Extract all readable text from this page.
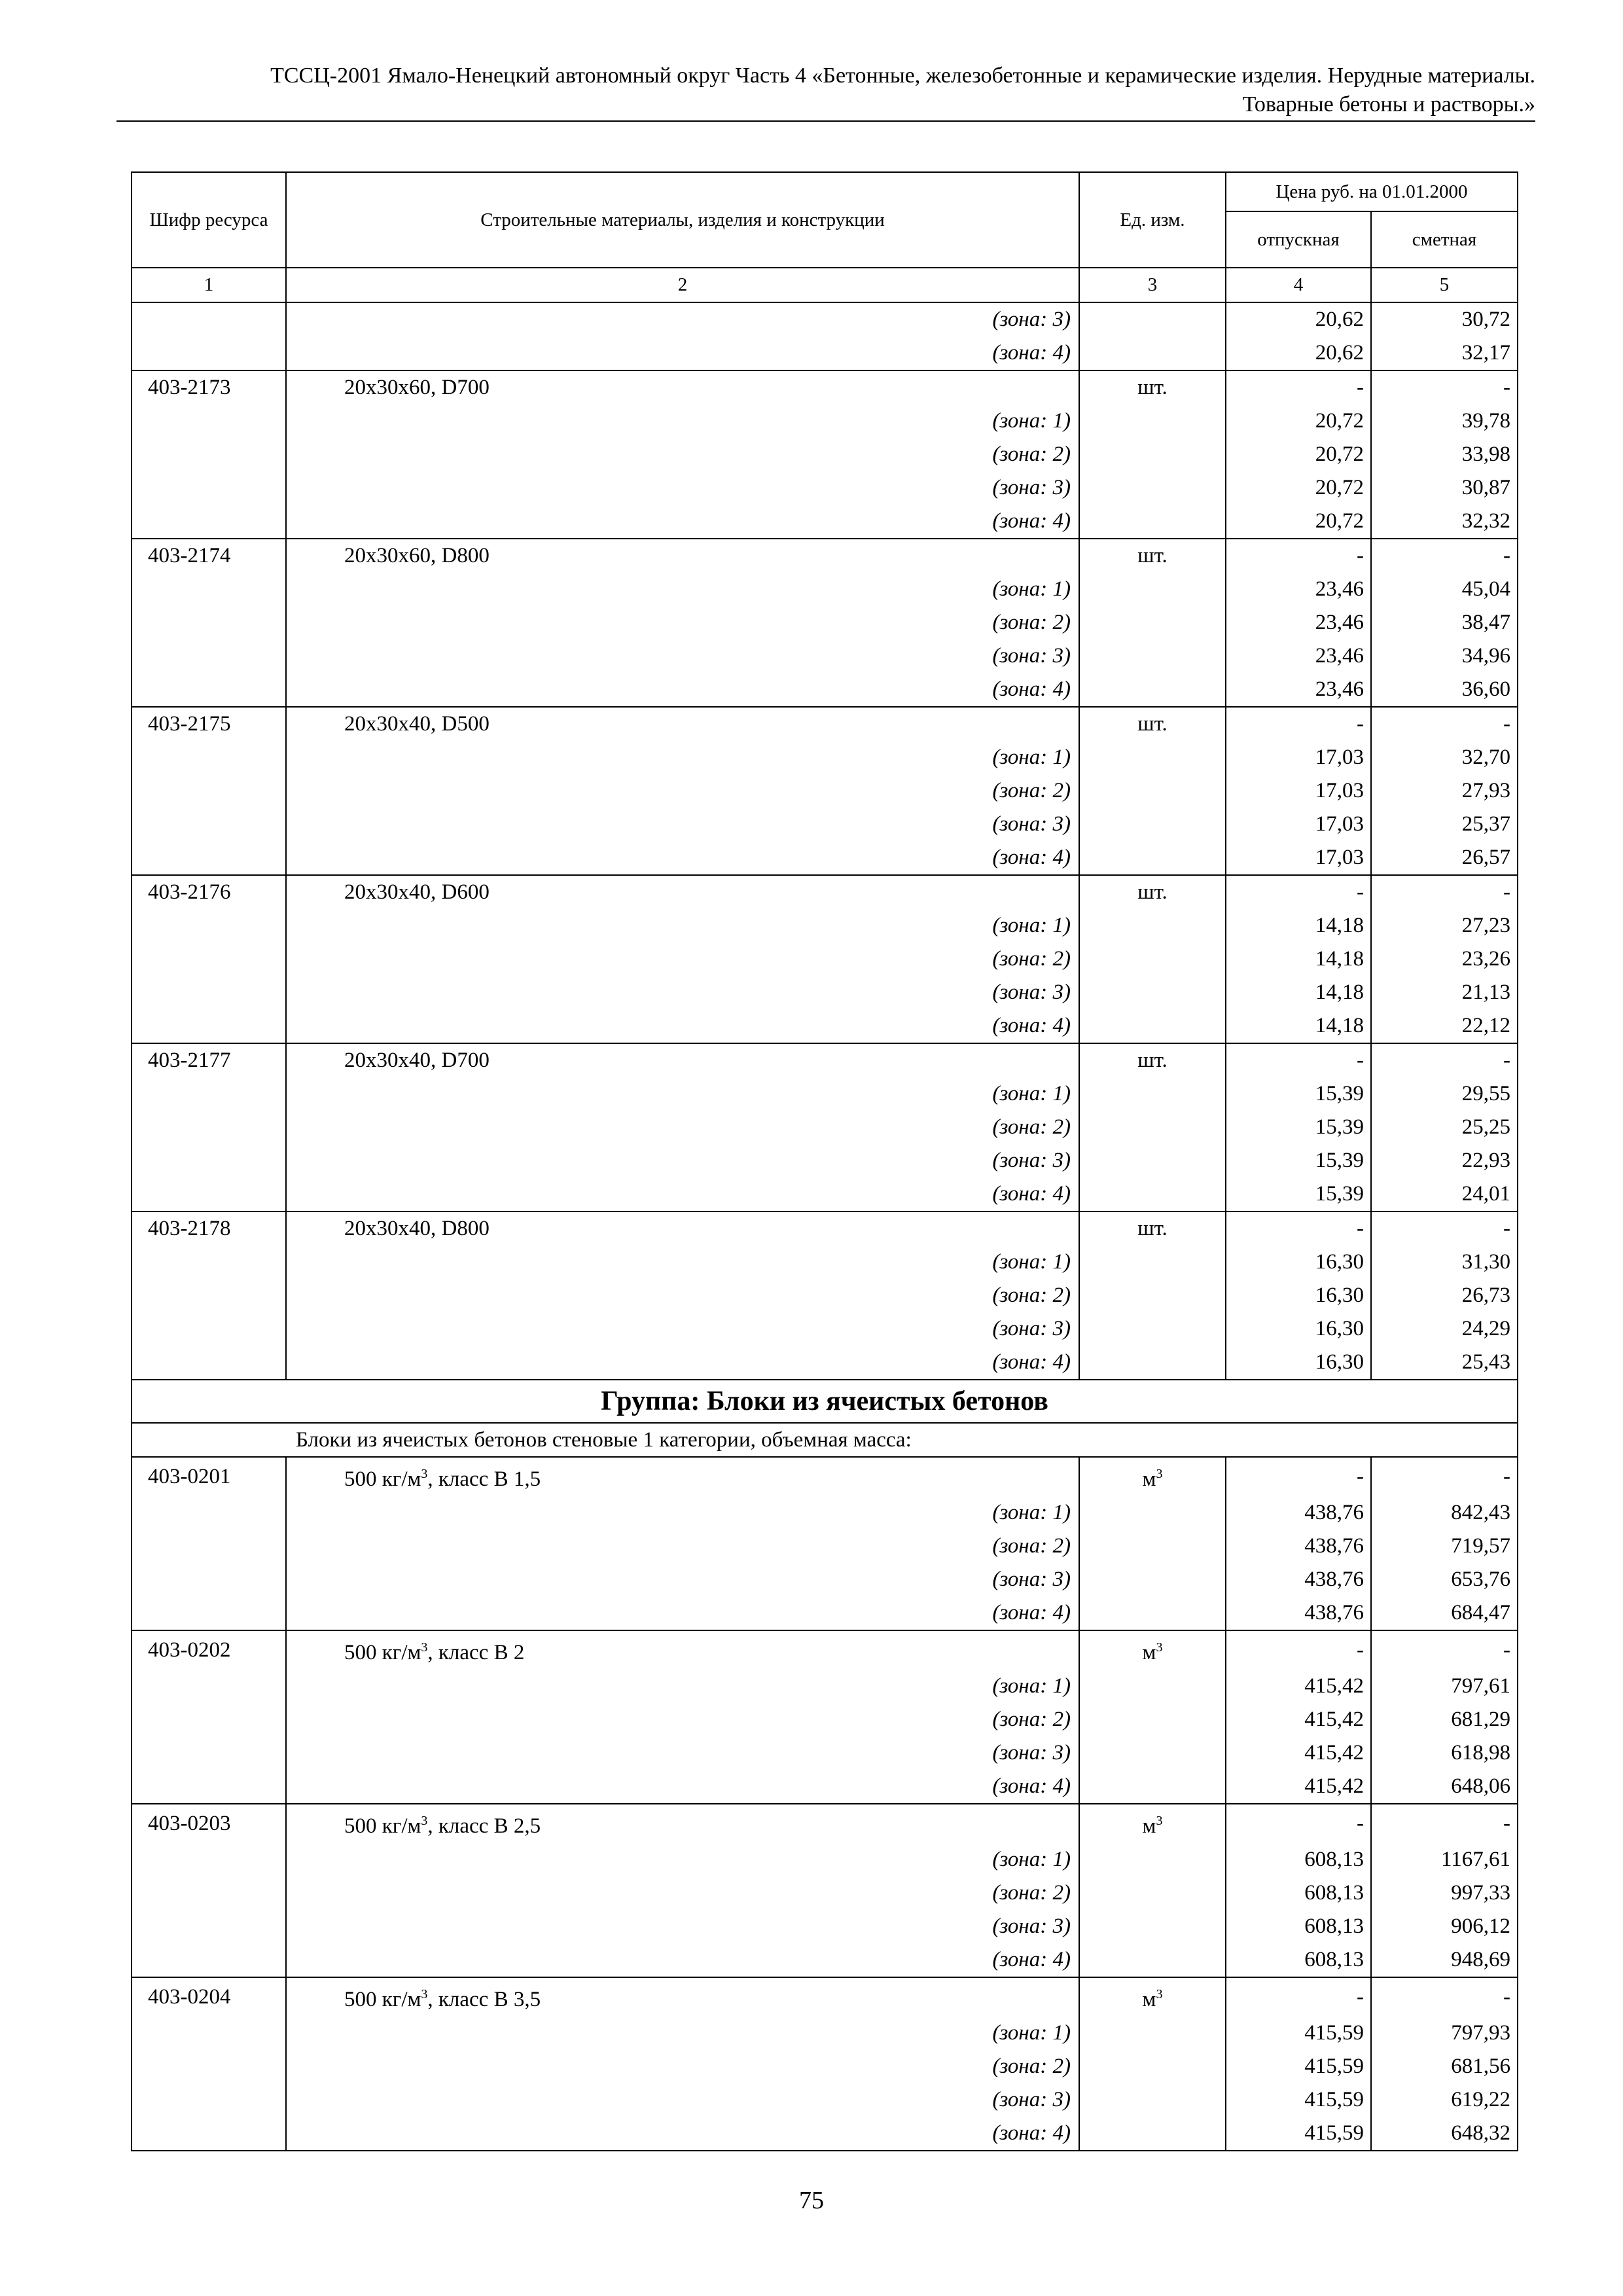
ТССЦ-2001 Ямало-Ненецкий автономный округ Часть 4 «Бетонные, железобетонные и керамические изделия. Нерудные материалы.
Товарные бетоны и растворы.»
Шифр ресурса	Строительные материалы, изделия и конструкции	Ед. изм.	Цена руб. на 01.01.2000	
			отпускная	сметная
1	2	3	4	5
	(зона: 3)		20,62	30,72
	(зона: 4)		20,62	32,17
403-2173	20х30х60, D700	шт.	-	-
	(зона: 1)		20,72	39,78
	(зона: 2)		20,72	33,98
	(зона: 3)		20,72	30,87
	(зона: 4)		20,72	32,32
403-2174	20х30х60, D800	шт.	-	-
	(зона: 1)		23,46	45,04
	(зона: 2)		23,46	38,47
	(зона: 3)		23,46	34,96
	(зона: 4)		23,46	36,60
403-2175	20х30х40, D500	шт.	-	-
	(зона: 1)		17,03	32,70
	(зона: 2)		17,03	27,93
	(зона: 3)		17,03	25,37
	(зона: 4)		17,03	26,57
403-2176	20х30х40, D600	шт.	-	-
	(зона: 1)		14,18	27,23
	(зона: 2)		14,18	23,26
	(зона: 3)		14,18	21,13
	(зона: 4)		14,18	22,12
403-2177	20х30х40, D700	шт.	-	-
	(зона: 1)		15,39	29,55
	(зона: 2)		15,39	25,25
	(зона: 3)		15,39	22,93
	(зона: 4)		15,39	24,01
403-2178	20х30х40, D800	шт.	-	-
	(зона: 1)		16,30	31,30
	(зона: 2)		16,30	26,73
	(зона: 3)		16,30	24,29
	(зона: 4)		16,30	25,43
Группа: Блоки из ячеистых бетонов				
Блоки из ячеистых бетонов стеновые 1 категории, объемная масса:				
403-0201	500 $кг/м^3$, класс B 1,5	$м^3$	-	-
	(зона: 1)		438,76	842,43
	(зона: 2)		438,76	719,57
	(зона: 3)		438,76	653,76
	(зона: 4)		438,76	684,47
403-0202	500 $кг/м^3$, класс B 2	$м^3$	-	-
	(зона: 1)		415,42	797,61
	(зона: 2)		415,42	681,29
	(зона: 3)		415,42	618,98
	(зона: 4)		415,42	648,06
403-0203	500 $кг/м^3$, класс B 2,5	$м^3$	-	-
	(зона: 1)		608,13	1167,61
	(зона: 2)		608,13	997,33
	(зона: 3)		608,13	906,12
	(зона: 4)		608,13	948,69
403-0204	500 $кг/м^3$, класс B 3,5	$м^3$	-	-
	(зона: 1)		415,59	797,93
	(зона: 2)		415,59	681,56
	(зона: 3)		415,59	619,22
	(зона: 4)		415,59	648,32
75
